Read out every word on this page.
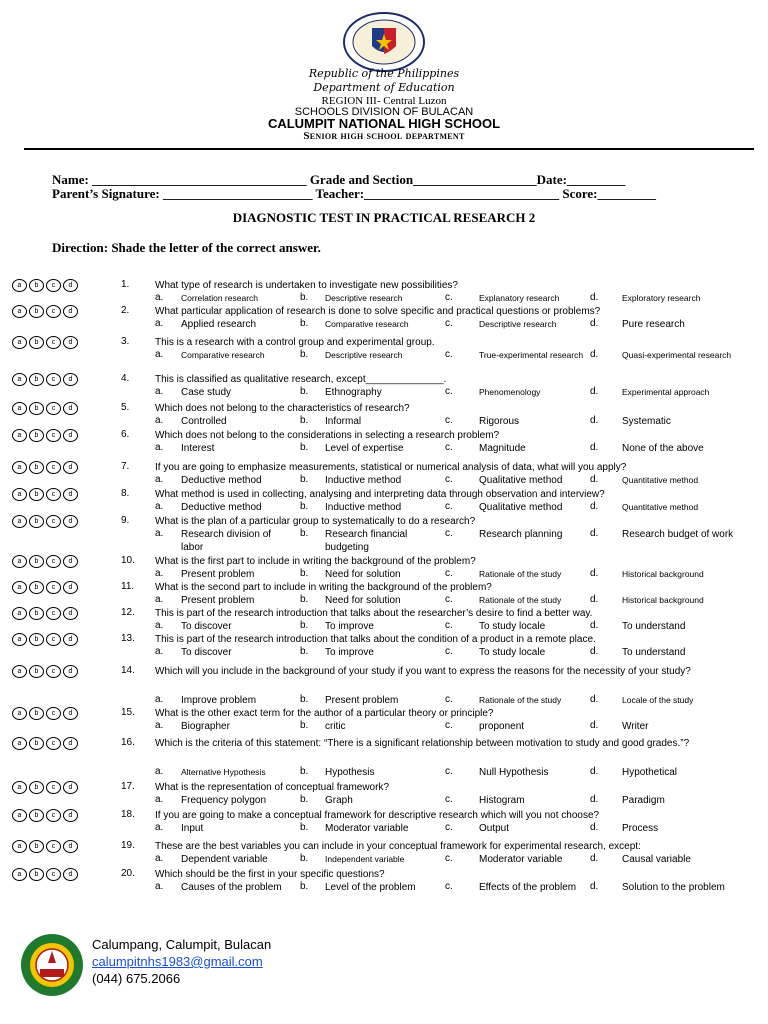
Republic of the Philippines
Department of Education
REGION III- Central Luzon
SCHOOLS DIVISION OF BULACAN
CALUMPIT NATIONAL HIGH SCHOOL
Senior high school department
Name: _________________________________ Grade and Section___________________Date:_________
Parent’s Signature: _______________________ Teacher:______________________________ Score:_________
DIAGNOSTIC TEST IN PRACTICAL RESEARCH 2
Direction: Shade the letter of the correct answer.
a	b	c	d	1.	What type of research is undertaken to investigate new possibilities?
a. Correlation research	b. Descriptive research	c.	Explanatory research	d.	Exploratory research
a	b	c	d	2.	What particular application of research is done to solve specific and practical questions or problems?
a. Applied research	b. Comparative research	c.	Descriptive research	d. Pure research
a	b	c	d	3.	This is a research with a control group and experimental group.
a. Comparative research	b. Descriptive research	c.	True-experimental research d.	Quasi-experimental research
a	b	c	d	4.	This is classified as qualitative research, except______________.
a. Case study	b. Ethnography	c.	Phenomenology	d.	Experimental approach
a	b	c	d	5.	Which does not belong to the characteristics of research?
a. Controlled	b. Informal	c.	Rigorous	d. Systematic
a	b	c	d	6.	Which does not belong to the considerations in selecting a research problem?
a. Interest	b. Level of expertise	c.	Magnitude	d. None of the above
a	b	c	d	7.	If you are going to emphasize measurements, statistical or numerical analysis of data, what will you apply?
a. Deductive method	b. Inductive method	c.	Qualitative method	d.	Quantitative method
a	b	c	d	8.	What method is used in collecting, analysing and interpreting data through observation and interview?
a. Deductive method	b. Inductive method	c.	Qualitative method	d.	Quantitative method
a	b	c	d	9.	What is the plan of a particular group to systematically to do a research?
a. Research division of labor
b. Research financial budgeting
c.	Research planning	d. Research budget of work
a	b	c	d	10. What is the first part to include in writing the background of the problem?
a. Present problem	b. Need for solution	c.	Rationale of the study	d.	Historical background
a	b	c	d	11. What is the second part to include in writing the background of the problem?
a. Present problem	b. Need for solution	c.	Rationale of the study	d.	Historical background
a	b	c	d	12. This is part of the research introduction that talks about the researcher’s desire to find a better way.
a. To discover	b. To improve	c.	To study locale	d. To understand
a	b	c	d	13. This is part of the research introduction that talks about the condition of a product in a remote place.
a. To discover	b. To improve	c.	To study locale	d. To understand
a	b	c	d	14. Which will you include in the background of your study if you want to express the reasons for the necessity of your study?
a. Improve problem	b. Present problem	c.	Rationale of the study	d.	Locale of the study
a	b	c	d	15. What is the other exact term for the author of a particular theory or principle?
a. Biographer	b. critic	c.	proponent	d. Writer
a	b	c	d	16. Which is the criteria of this statement: “There is a significant relationship between motivation to study and good grades.”?
a. Alternative Hypothesis	b. Hypothesis	c.	Null Hypothesis	d. Hypothetical
a	b	c	d	17. What is the representation of conceptual framework?
a. Frequency polygon	b. Graph	c.	Histogram	d. Paradigm
a	b	c	d	18. If you are going to make a conceptual framework for descriptive research which will you not choose?
a. Input	b. Moderator variable	c.	Output	d. Process
a	b	c	d	19. These are the best variables you can include in your conceptual framework for experimental research, except:
a. Dependent variable	b. Independent variable	c.	Moderator variable	d. Causal variable
a	b	c	d	20. Which should be the first in your specific questions?
a. Causes of the problem	b. Level of the problem	c.	Effects of the problem	d. Solution to the problem
Calumpang, Calumpit, Bulacan
calumpitnhs1983@gmail.com
(044) 675.2066
